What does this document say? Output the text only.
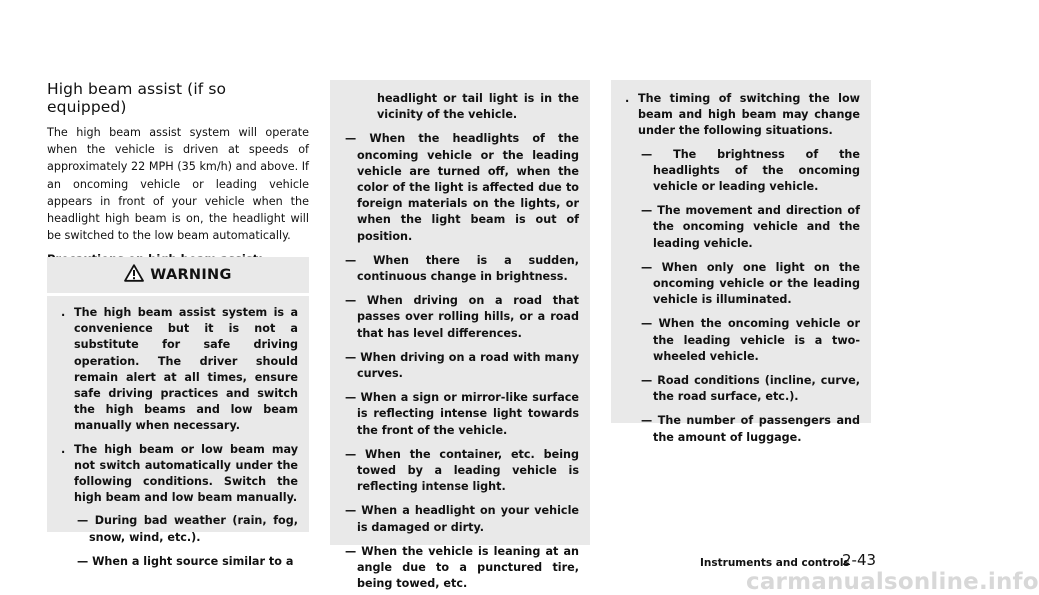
High beam assist (if so equipped)

The high beam assist system will operate when the vehicle is driven at speeds of approximately 22 MPH (35 km/h) and above. If an oncoming vehicle or leading vehicle appears in front of your vehicle when the headlight high beam is on, the headlight will be switched to the low beam automatically.

WARNING
. The high beam assist system is a convenience but it is not a substitute for safe driving operation. The driver should remain alert at all times, ensure safe driving practices and switch the high beams and low beam manually when necessary.
. The high beam or low beam may not switch automatically under the following conditions. Switch the high beam and low beam manually.
— During bad weather (rain, fog, snow, wind, etc.).
— When a light source similar to a
headlight or tail light is in the vicinity of the vehicle.
— When the headlights of the oncoming vehicle or the leading vehicle are turned off, when the color of the light is affected due to foreign materials on the lights, or when the light beam is out of position.
— When there is a sudden, continuous change in brightness.
— When driving on a road that passes over rolling hills, or a road that has level differences.
— When driving on a road with many curves.
— When a sign or mirror-like surface is reflecting intense light towards the front of the vehicle.
— When the container, etc. being towed by a leading vehicle is reflecting intense light.
— When a headlight on your vehicle is damaged or dirty.
— When the vehicle is leaning at an angle due to a punctured tire, being towed, etc.
. The timing of switching the low beam and high beam may change under the following situations.
— The brightness of the headlights of the oncoming vehicle or leading vehicle.
— The movement and direction of the oncoming vehicle and the leading vehicle.
— When only one light on the oncoming vehicle or the leading vehicle is illuminated.
— When the oncoming vehicle or the leading vehicle is a two-wheeled vehicle.
— Road conditions (incline, curve, the road surface, etc.).
— The number of passengers and the amount of luggage.
Instruments and controls
2-43
carmanualsonline.info
